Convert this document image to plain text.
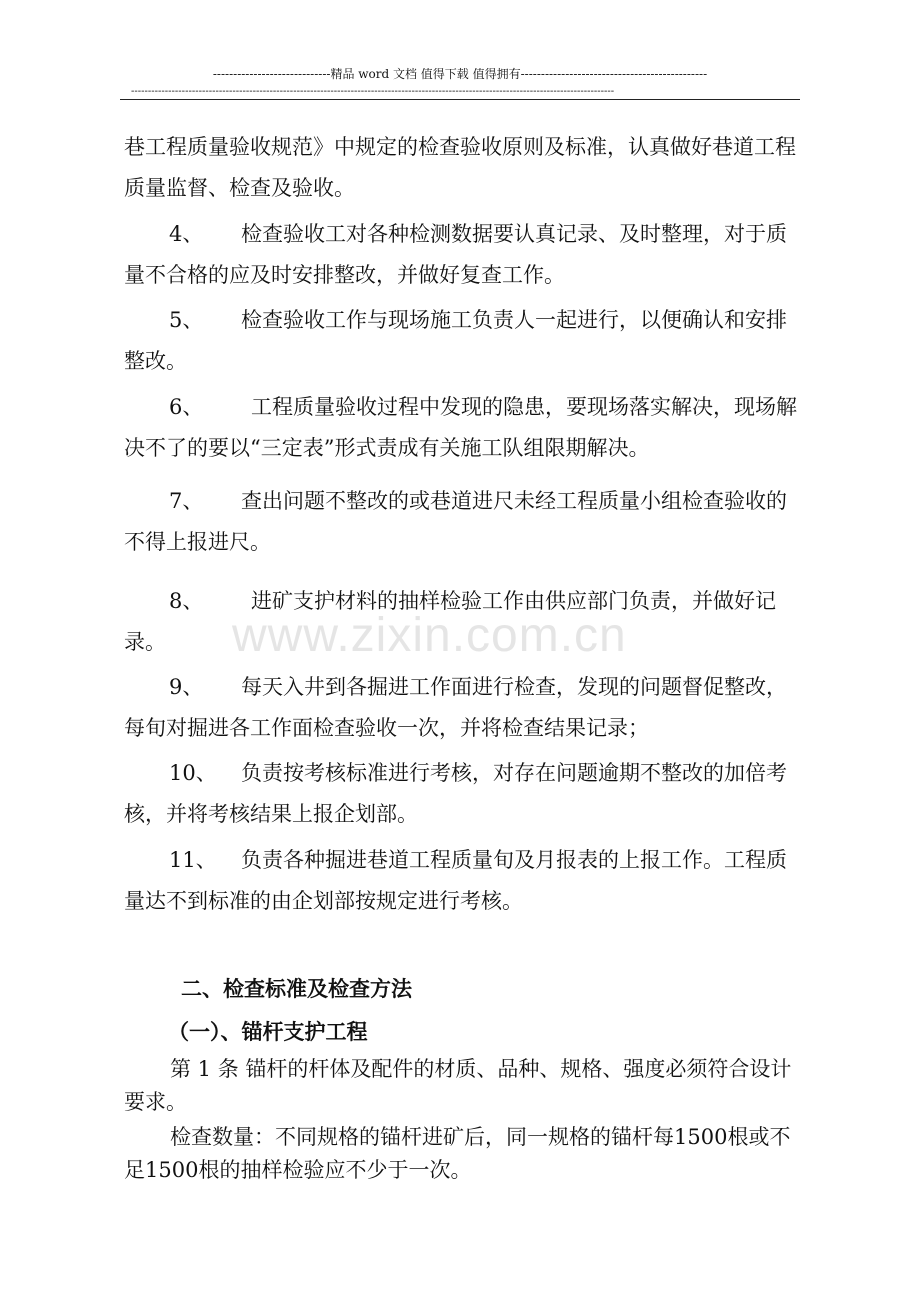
-----------------------------精品 word 文档 值得下载 值得拥有----------------------------------------------
-----------------------------------------------------------------------------------------------------------------------------------------------

巷工程质量验收规范》中规定的检查验收原则及标准，认真做好巷道工程质量监督、检查及验收。

4、 检查验收工对各种检测数据要认真记录、及时整理，对于质量不合格的应及时安排整改，并做好复查工作。

5、 检查验收工作与现场施工负责人一起进行，以便确认和安排整改。

6、 工程质量验收过程中发现的隐患，要现场落实解决，现场解决不了的要以“三定表”形式责成有关施工队组限期解决。

7、 查出问题不整改的或巷道进尺未经工程质量小组检查验收的不得上报进尺。

8、 进矿支护材料的抽样检验工作由供应部门负责，并做好记录。

9、 每天入井到各掘进工作面进行检查，发现的问题督促整改，每旬对掘进各工作面检查验收一次，并将检查结果记录；

10、 负责按考核标准进行考核，对存在问题逾期不整改的加倍考核，并将考核结果上报企划部。

11、 负责各种掘进巷道工程质量旬及月报表的上报工作。工程质量达不到标准的由企划部按规定进行考核。

二、检查标准及检查方法
（一）、锚杆支护工程

第 1 条 锚杆的杆体及配件的材质、品种、规格、强度必须符合设计要求。

检查数量：不同规格的锚杆进矿后，同一规格的锚杆每1500根或不足1500根的抽样检验应不少于一次。

www.zixin.com.cn
